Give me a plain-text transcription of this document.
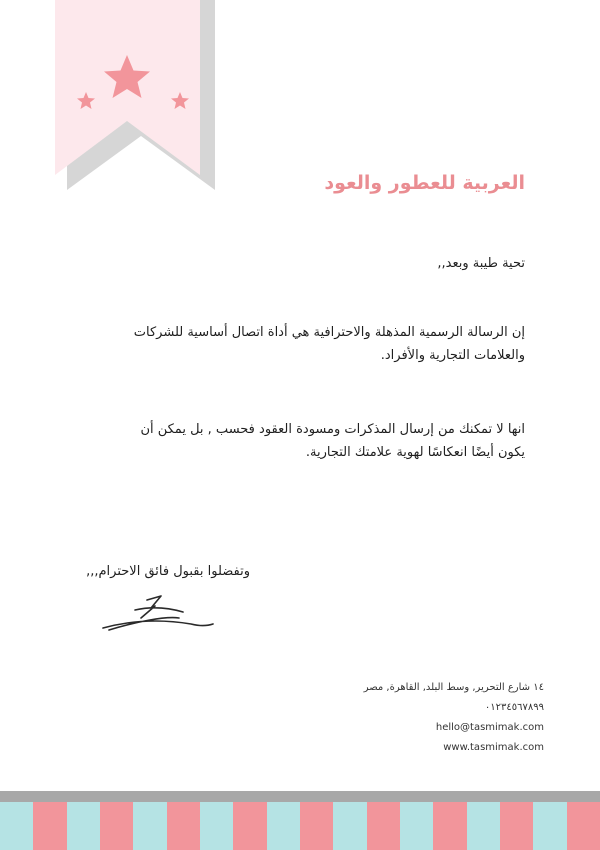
العربية للعطور والعود
تحية طيبة وبعد,,
إن الرسالة الرسمية المذهلة والاحترافية هي أداة اتصال أساسية للشركات
والعلامات التجارية والأفراد.
انها لا تمكنك من إرسال المذكرات ومسودة العقود فحسب , بل يمكن أن
يكون أيضًا انعكاسًا لهوية علامتك التجارية.
وتفضلوا بقبول فائق الاحترام,,,
١٤ شارع التحرير, وسط البلد, القاهرة, مصر
٠١٢٣٤٥٦٧٨٩٩
hello@tasmimak.com
www.tasmimak.com
